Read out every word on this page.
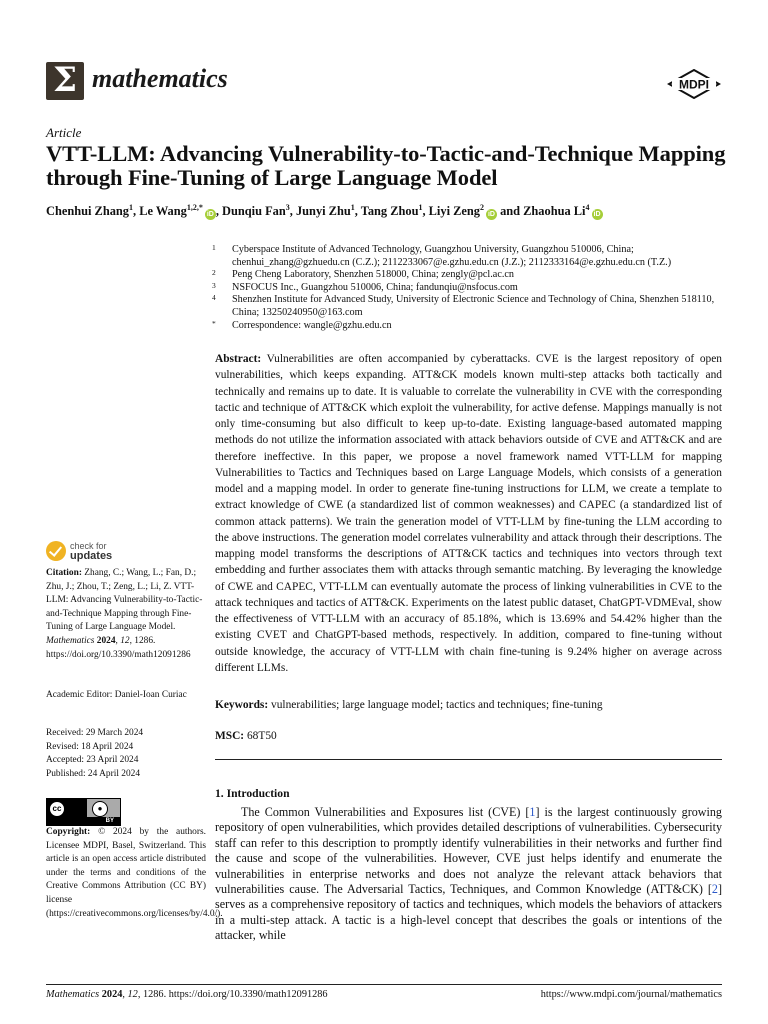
Σ mathematics	MDPI
Article
VTT-LLM: Advancing Vulnerability-to-Tactic-and-Technique Mapping through Fine-Tuning of Large Language Model
Chenhui Zhang$^1$, Le Wang$^{1,2,*}$iD , Dunqiu Fan$^3$, Junyi Zhu$^1$, Tang Zhou$^1$, Liyi Zeng$^2$iD and Zhaohua Li$^4$iD
1 Cyberspace Institute of Advanced Technology, Guangzhou University, Guangzhou 510006, China; chenhui_zhang@gzhuedu.cn (C.Z.); 2112233067@e.gzhu.edu.cn (J.Z.); 2112333164@e.gzhu.edu.cn (T.Z.)
2 Peng Cheng Laboratory, Shenzhen 518000, China; zengly@pcl.ac.cn
3 NSFOCUS Inc., Guangzhou 510006, China; fandunqiu@nsfocus.com
4 Shenzhen Institute for Advanced Study, University of Electronic Science and Technology of China, Shenzhen 518110, China; 13250240950@163.com
* Correspondence: wangle@gzhu.edu.cn
Abstract: Vulnerabilities are often accompanied by cyberattacks. CVE is the largest repository of open vulnerabilities, which keeps expanding. ATT&CK models known multi-step attacks both tactically and technically and remains up to date. It is valuable to correlate the vulnerability in CVE with the corresponding tactic and technique of ATT&CK which exploit the vulnerability, for active defense. Mappings manually is not only time-consuming but also difficult to keep up-to-date. Existing language-based automated mapping methods do not utilize the information associated with attack behaviors outside of CVE and ATT&CK and are therefore ineffective. In this paper, we propose a novel framework named VTT-LLM for mapping Vulnerabilities to Tactics and Techniques based on Large Language Models, which consists of a generation model and a mapping model. In order to generate fine-tuning instructions for LLM, we create a template to extract knowledge of CWE (a standardized list of common weaknesses) and CAPEC (a standardized list of common attack patterns). We train the generation model of VTT-LLM by fine-tuning the LLM according to the above instructions. The generation model correlates vulnerability and attack through their descriptions. The mapping model transforms the descriptions of ATT&CK tactics and techniques into vectors through text embedding and further associates them with attacks through semantic matching. By leveraging the knowledge of CWE and CAPEC, VTT-LLM can eventually automate the process of linking vulnerabilities in CVE to the attack techniques and tactics of ATT&CK. Experiments on the latest public dataset, ChatGPT-VDMEval, show the effectiveness of VTT-LLM with an accuracy of 85.18%, which is 13.69% and 54.42% higher than the existing CVET and ChatGPT-based methods, respectively. In addition, compared to fine-tuning without outside knowledge, the accuracy of VTT-LLM with chain fine-tuning is 9.24% higher on average across different LLMs.
Keywords: vulnerabilities; large language model; tactics and techniques; fine-tuning
MSC: 68T50
1. Introduction
The Common Vulnerabilities and Exposures list (CVE) [1] is the largest continuously growing repository of open vulnerabilities, which provides detailed descriptions of vulnerabilities. Cybersecurity staff can refer to this description to promptly identify vulnerabilities in their networks and further find the cause and scope of the vulnerabilities. However, CVE just helps identify and enumerate the vulnerabilities in enterprise networks and does not analyze the relevant attack behaviors that vulnerabilities cause. The Adversarial Tactics, Techniques, and Common Knowledge (ATT&CK) [2] serves as a comprehensive repository of tactics and techniques, which models the behaviors of attackers in a multi-step attack. A tactic is a high-level concept that describes the goals or intentions of the attacker, while
check for
updates
Citation: Zhang, C.; Wang, L.; Fan, D.; Zhu, J.; Zhou, T.; Zeng, L.; Li, Z. VTT-LLM: Advancing Vulnerability-to-Tactic-and-Technique Mapping through Fine-Tuning of Large Language Model. Mathematics 2024, 12, 1286. https://doi.org/10.3390/math12091286
Academic Editor: Daniel-Ioan Curiac
Received: 29 March 2024
Revised: 18 April 2024
Accepted: 23 April 2024
Published: 24 April 2024
cc	●
BY
Copyright: © 2024 by the authors. Licensee MDPI, Basel, Switzerland. This article is an open access article distributed under the terms and conditions of the Creative Commons Attribution (CC BY) license (https://creativecommons.org/licenses/by/4.0/).
Mathematics 2024, 12, 1286. https://doi.org/10.3390/math12091286	https://www.mdpi.com/journal/mathematics
